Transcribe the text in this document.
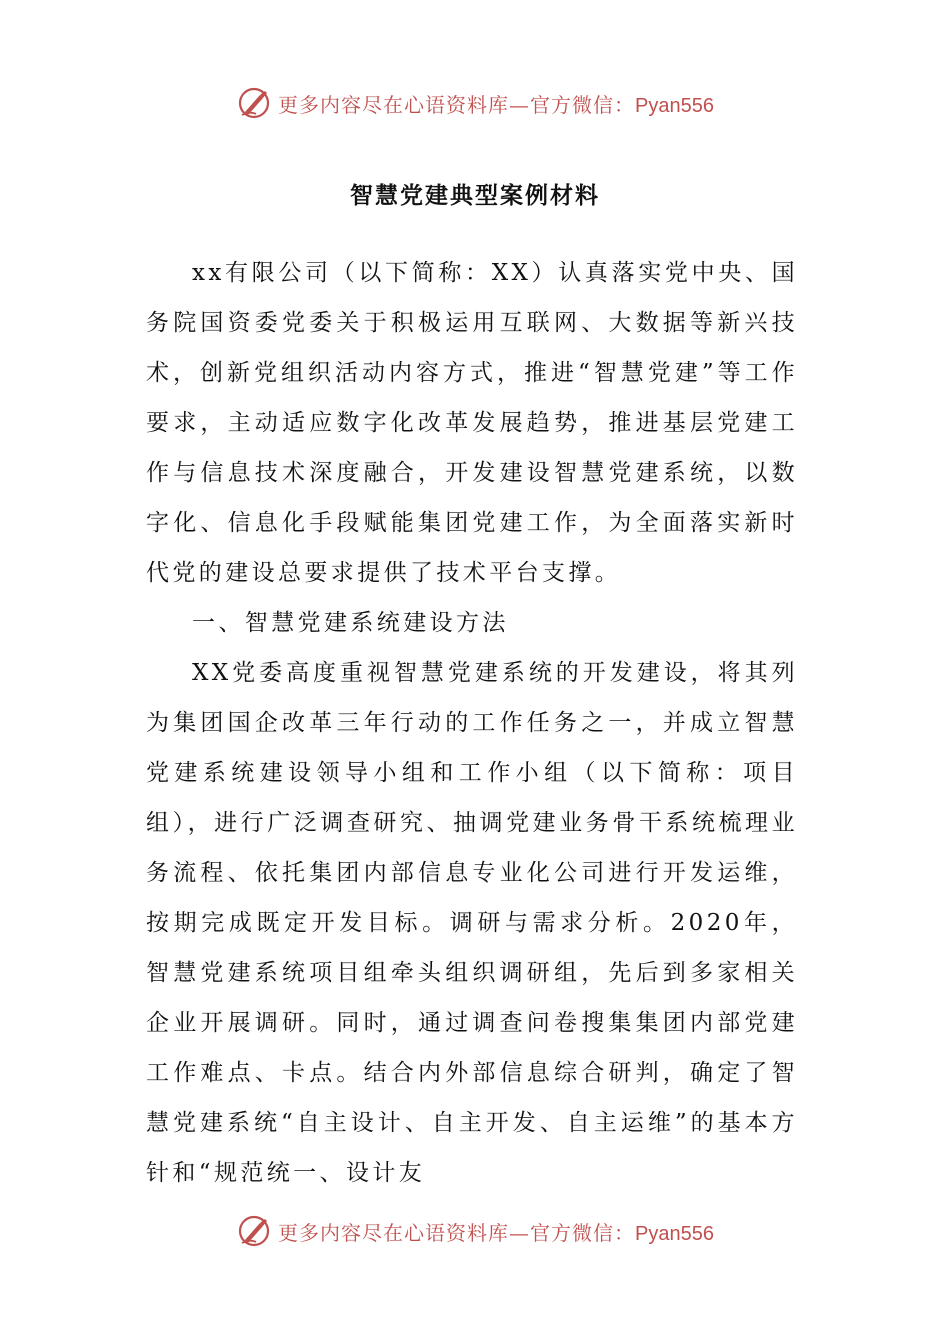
更多内容尽在心语资料库—官方微信：Pyan556
智慧党建典型案例材料

xx有限公司（以下简称：XX）认真落实党中央、国务院国资委党委关于积极运用互联网、大数据等新兴技术，创新党组织活动内容方式，推进“智慧党建”等工作要求，主动适应数字化改革发展趋势，推进基层党建工作与信息技术深度融合，开发建设智慧党建系统，以数字化、信息化手段赋能集团党建工作，为全面落实新时代党的建设总要求提供了技术平台支撑。

一、智慧党建系统建设方法

XX党委高度重视智慧党建系统的开发建设，将其列为集团国企改革三年行动的工作任务之一，并成立智慧党建系统建设领导小组和工作小组（以下简称：项目组），进行广泛调查研究、抽调党建业务骨干系统梳理业务流程、依托集团内部信息专业化公司进行开发运维，按期完成既定开发目标。调研与需求分析。2020年，智慧党建系统项目组牵头组织调研组，先后到多家相关企业开展调研。同时，通过调查问卷搜集集团内部党建工作难点、卡点。结合内外部信息综合研判，确定了智慧党建系统“自主设计、自主开发、自主运维”的基本方针和“规范统一、设计友

更多内容尽在心语资料库—官方微信：Pyan556
